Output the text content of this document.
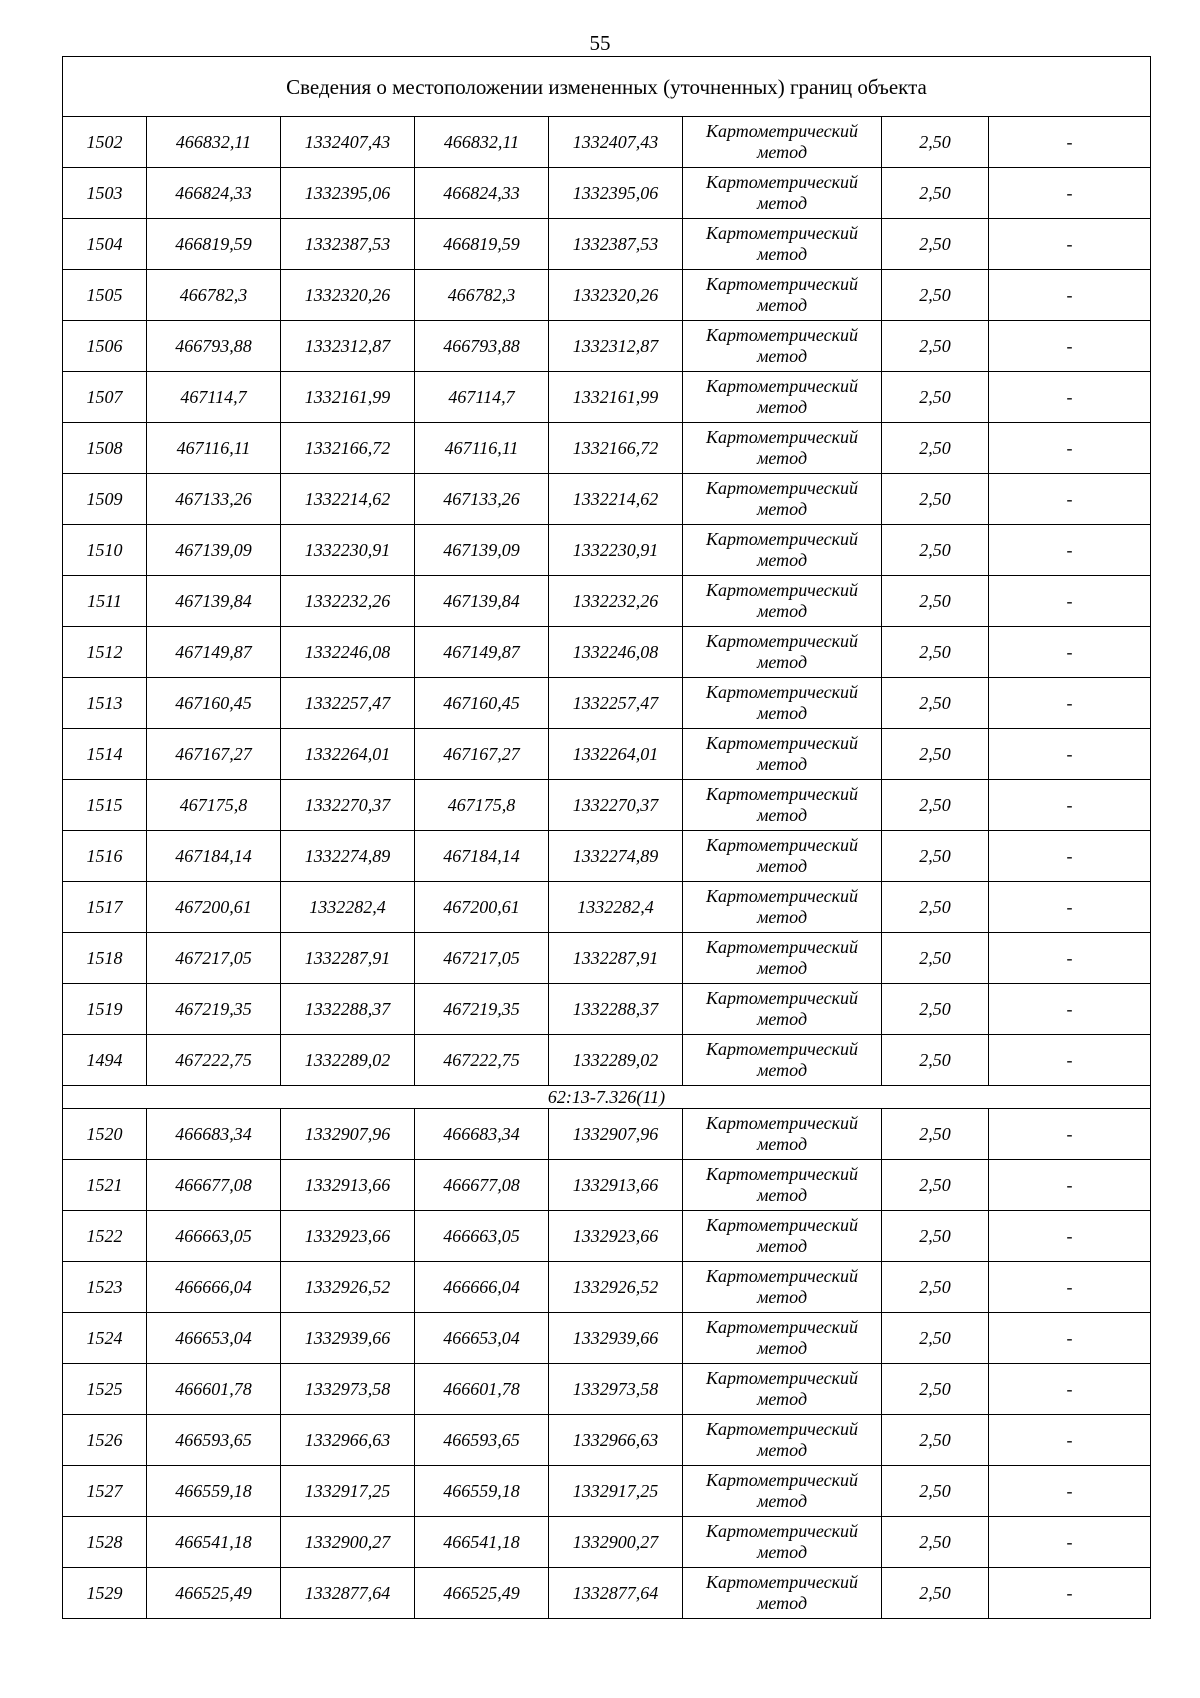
55
Сведения о местоположении измененных (уточненных) границ объекта							
1502	466832,11	1332407,43	466832,11	1332407,43	Картометрический метод	2,50	-
1503	466824,33	1332395,06	466824,33	1332395,06	Картометрический метод	2,50	-
1504	466819,59	1332387,53	466819,59	1332387,53	Картометрический метод	2,50	-
1505	466782,3	1332320,26	466782,3	1332320,26	Картометрический метод	2,50	-
1506	466793,88	1332312,87	466793,88	1332312,87	Картометрический метод	2,50	-
1507	467114,7	1332161,99	467114,7	1332161,99	Картометрический метод	2,50	-
1508	467116,11	1332166,72	467116,11	1332166,72	Картометрический метод	2,50	-
1509	467133,26	1332214,62	467133,26	1332214,62	Картометрический метод	2,50	-
1510	467139,09	1332230,91	467139,09	1332230,91	Картометрический метод	2,50	-
1511	467139,84	1332232,26	467139,84	1332232,26	Картометрический метод	2,50	-
1512	467149,87	1332246,08	467149,87	1332246,08	Картометрический метод	2,50	-
1513	467160,45	1332257,47	467160,45	1332257,47	Картометрический метод	2,50	-
1514	467167,27	1332264,01	467167,27	1332264,01	Картометрический метод	2,50	-
1515	467175,8	1332270,37	467175,8	1332270,37	Картометрический метод	2,50	-
1516	467184,14	1332274,89	467184,14	1332274,89	Картометрический метод	2,50	-
1517	467200,61	1332282,4	467200,61	1332282,4	Картометрический метод	2,50	-
1518	467217,05	1332287,91	467217,05	1332287,91	Картометрический метод	2,50	-
1519	467219,35	1332288,37	467219,35	1332288,37	Картометрический метод	2,50	-
1494	467222,75	1332289,02	467222,75	1332289,02	Картометрический метод	2,50	-
62:13-7.326(11)							
1520	466683,34	1332907,96	466683,34	1332907,96	Картометрический метод	2,50	-
1521	466677,08	1332913,66	466677,08	1332913,66	Картометрический метод	2,50	-
1522	466663,05	1332923,66	466663,05	1332923,66	Картометрический метод	2,50	-
1523	466666,04	1332926,52	466666,04	1332926,52	Картометрический метод	2,50	-
1524	466653,04	1332939,66	466653,04	1332939,66	Картометрический метод	2,50	-
1525	466601,78	1332973,58	466601,78	1332973,58	Картометрический метод	2,50	-
1526	466593,65	1332966,63	466593,65	1332966,63	Картометрический метод	2,50	-
1527	466559,18	1332917,25	466559,18	1332917,25	Картометрический метод	2,50	-
1528	466541,18	1332900,27	466541,18	1332900,27	Картометрический метод	2,50	-
1529	466525,49	1332877,64	466525,49	1332877,64	Картометрический метод	2,50	-
